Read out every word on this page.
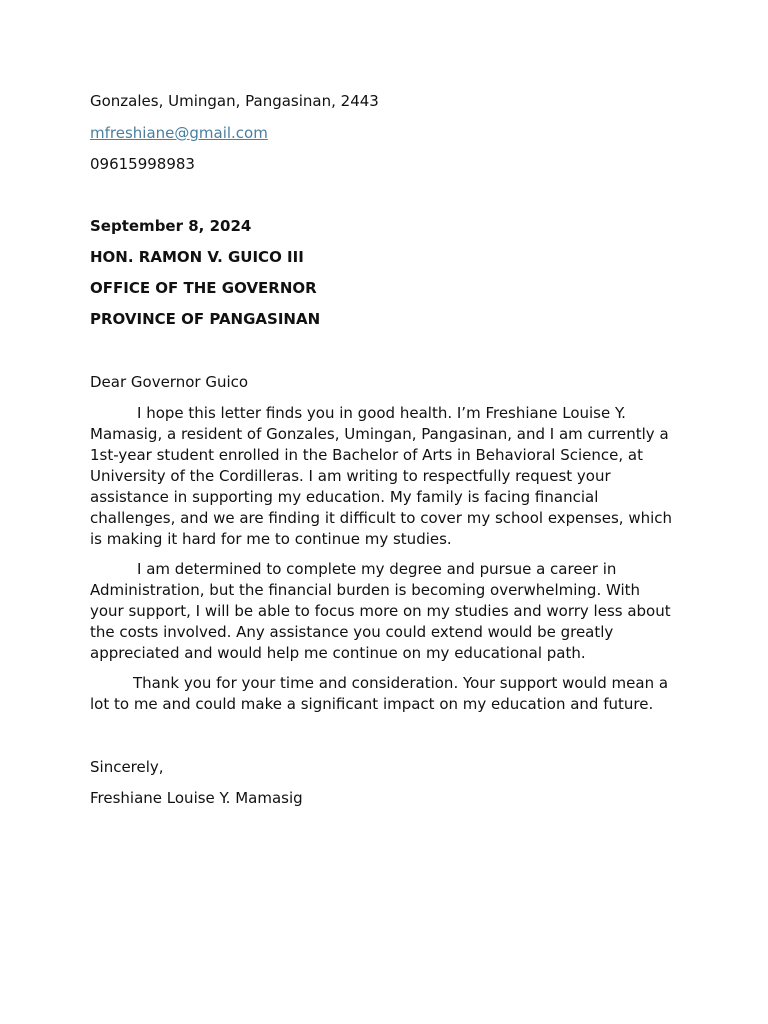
Gonzales, Umingan, Pangasinan, 2443
mfreshiane@gmail.com
09615998983
September 8, 2024
HON. RAMON V. GUICO III
OFFICE OF THE GOVERNOR
PROVINCE OF PANGASINAN
Dear Governor Guico

I hope this letter finds you in good health. I’m Freshiane Louise Y. Mamasig, a resident of Gonzales, Umingan, Pangasinan, and I am currently a 1st-year student enrolled in the Bachelor of Arts in Behavioral Science, at University of the Cordilleras. I am writing to respectfully request your assistance in supporting my education. My family is facing financial challenges, and we are finding it difficult to cover my school expenses, which is making it hard for me to continue my studies.

I am determined to complete my degree and pursue a career in Administration, but the financial burden is becoming overwhelming. With your support, I will be able to focus more on my studies and worry less about the costs involved. Any assistance you could extend would be greatly appreciated and would help me continue on my educational path.

Thank you for your time and consideration. Your support would mean a lot to me and could make a significant impact on my education and future.

Sincerely,
Freshiane Louise Y. Mamasig
